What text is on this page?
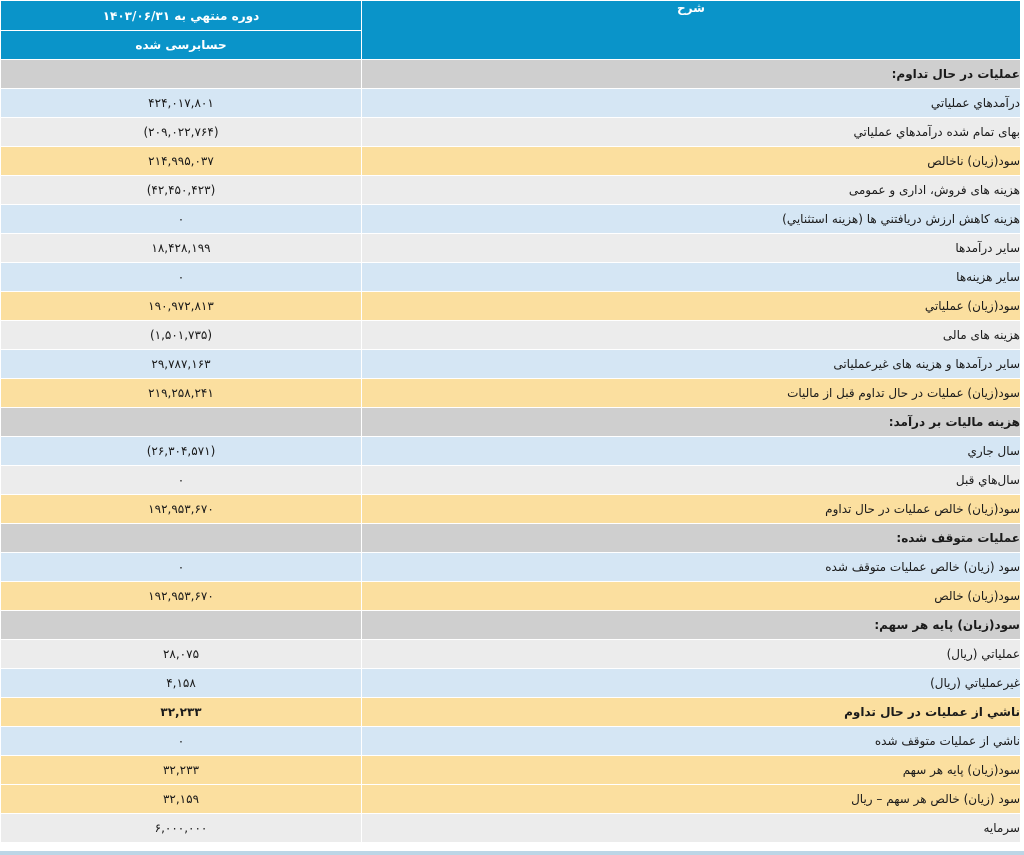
شرح	دوره منتهي به ۱۴۰۳/۰۶/۳۱
	حسابرسی شده
عمليات در حال تداوم:	
درآمدهاي عملياتي	۴۲۴,۰۱۷,۸۰۱
بهاى تمام شده درآمدهاي عملياتي	(۲۰۹,۰۲۲,۷۶۴)
سود(زيان) ناخالص	۲۱۴,۹۹۵,۰۳۷
هزينه هاى فروش، ادارى و عمومى	(۴۲,۴۵۰,۴۲۳)
هزينه کاهش ارزش دريافتني ها (هزينه استثنايي)	۰
ساير درآمدها	۱۸,۴۲۸,۱۹۹
سایر هزینه‌ها	۰
سود(زيان) عملياتي	۱۹۰,۹۷۲,۸۱۳
هزينه هاى مالى	(۱,۵۰۱,۷۳۵)
ساير درآمدها و هزينه هاى غيرعملياتى	۲۹,۷۸۷,۱۶۳
سود(زيان) عمليات در حال تداوم قبل از ماليات	۲۱۹,۲۵۸,۲۴۱
هزينه ماليات بر درآمد:	
سال جاري	(۲۶,۳۰۴,۵۷۱)
سال‌هاي قبل	۰
سود(زيان) خالص عمليات در حال تداوم	۱۹۲,۹۵۳,۶۷۰
عمليات متوقف شده:	
سود (زيان) خالص عمليات متوقف شده	۰
سود(زيان) خالص	۱۹۲,۹۵۳,۶۷۰
سود(زيان) پايه هر سهم:	
عملياتي (ريال)	۲۸,۰۷۵
غيرعملياتي (ريال)	۴,۱۵۸
ناشي از عمليات در حال تداوم	۳۲,۲۳۳
ناشي از عمليات متوقف شده	۰
سود(زيان) پايه هر سهم	۳۲,۲۳۳
سود (زيان) خالص هر سهم – ريال	۳۲,۱۵۹
سرمايه	۶,۰۰۰,۰۰۰
